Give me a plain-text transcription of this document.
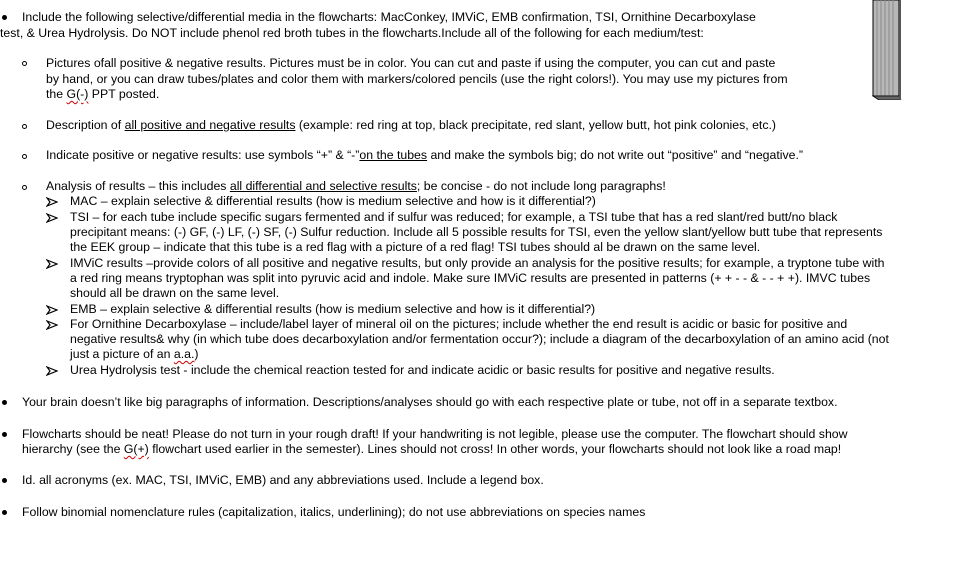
Include the following selective/differential media in the flowcharts: MacConkey, IMViC, EMB confirmation, TSI, Ornithine Decarboxylase

test, & Urea Hydrolysis. Do NOT include phenol red broth tubes in the flowcharts.Include all of the following for each medium/test:

Pictures ofall positive & negative results. Pictures must be in color. You can cut and paste if using the computer, you can cut and paste

by hand, or you can draw tubes/plates and color them with markers/colored pencils (use the right colors!). You may use my pictures from

the G(-) PPT posted.

Description of all positive and negative results (example: red ring at top, black precipitate, red slant, yellow butt, hot pink colonies, etc.)

Indicate positive or negative results: use symbols “+” & “-”on the tubes and make the symbols big; do not write out “positive” and “negative.”

Analysis of results – this includes all differential and selective results; be concise - do not include long paragraphs!

MAC – explain selective & differential results (how is medium selective and how is it differential?)

TSI – for each tube include specific sugars fermented and if sulfur was reduced; for example, a TSI tube that has a red slant/red butt/no black

precipitant means: (-) GF, (-) LF, (-) SF, (-) Sulfur reduction. Include all 5 possible results for TSI, even the yellow slant/yellow butt tube that represents

the EEK group – indicate that this tube is a red flag with a picture of a red flag! TSI tubes should al be drawn on the same level.

IMViC results –provide colors of all positive and negative results, but only provide an analysis for the positive results; for example, a tryptone tube with

a red ring means tryptophan was split into pyruvic acid and indole. Make sure IMViC results are presented in patterns (+ + - - & - - + +). IMVC tubes

should all be drawn on the same level.

EMB – explain selective & differential results (how is medium selective and how is it differential?)

For Ornithine Decarboxylase – include/label layer of mineral oil on the pictures; include whether the end result is acidic or basic for positive and

negative results& why (in which tube does decarboxylation and/or fermentation occur?); include a diagram of the decarboxylation of an amino acid (not

just a picture of an a.a.)

Urea Hydrolysis test - include the chemical reaction tested for and indicate acidic or basic results for positive and negative results.

Your brain doesn’t like big paragraphs of information. Descriptions/analyses should go with each respective plate or tube, not off in a separate textbox.

Flowcharts should be neat! Please do not turn in your rough draft! If your handwriting is not legible, please use the computer. The flowchart should show

hierarchy (see the G(+) flowchart used earlier in the semester). Lines should not cross! In other words, your flowcharts should not look like a road map!

Id. all acronyms (ex. MAC, TSI, IMViC, EMB) and any abbreviations used. Include a legend box.

Follow binomial nomenclature rules (capitalization, italics, underlining); do not use abbreviations on species names
